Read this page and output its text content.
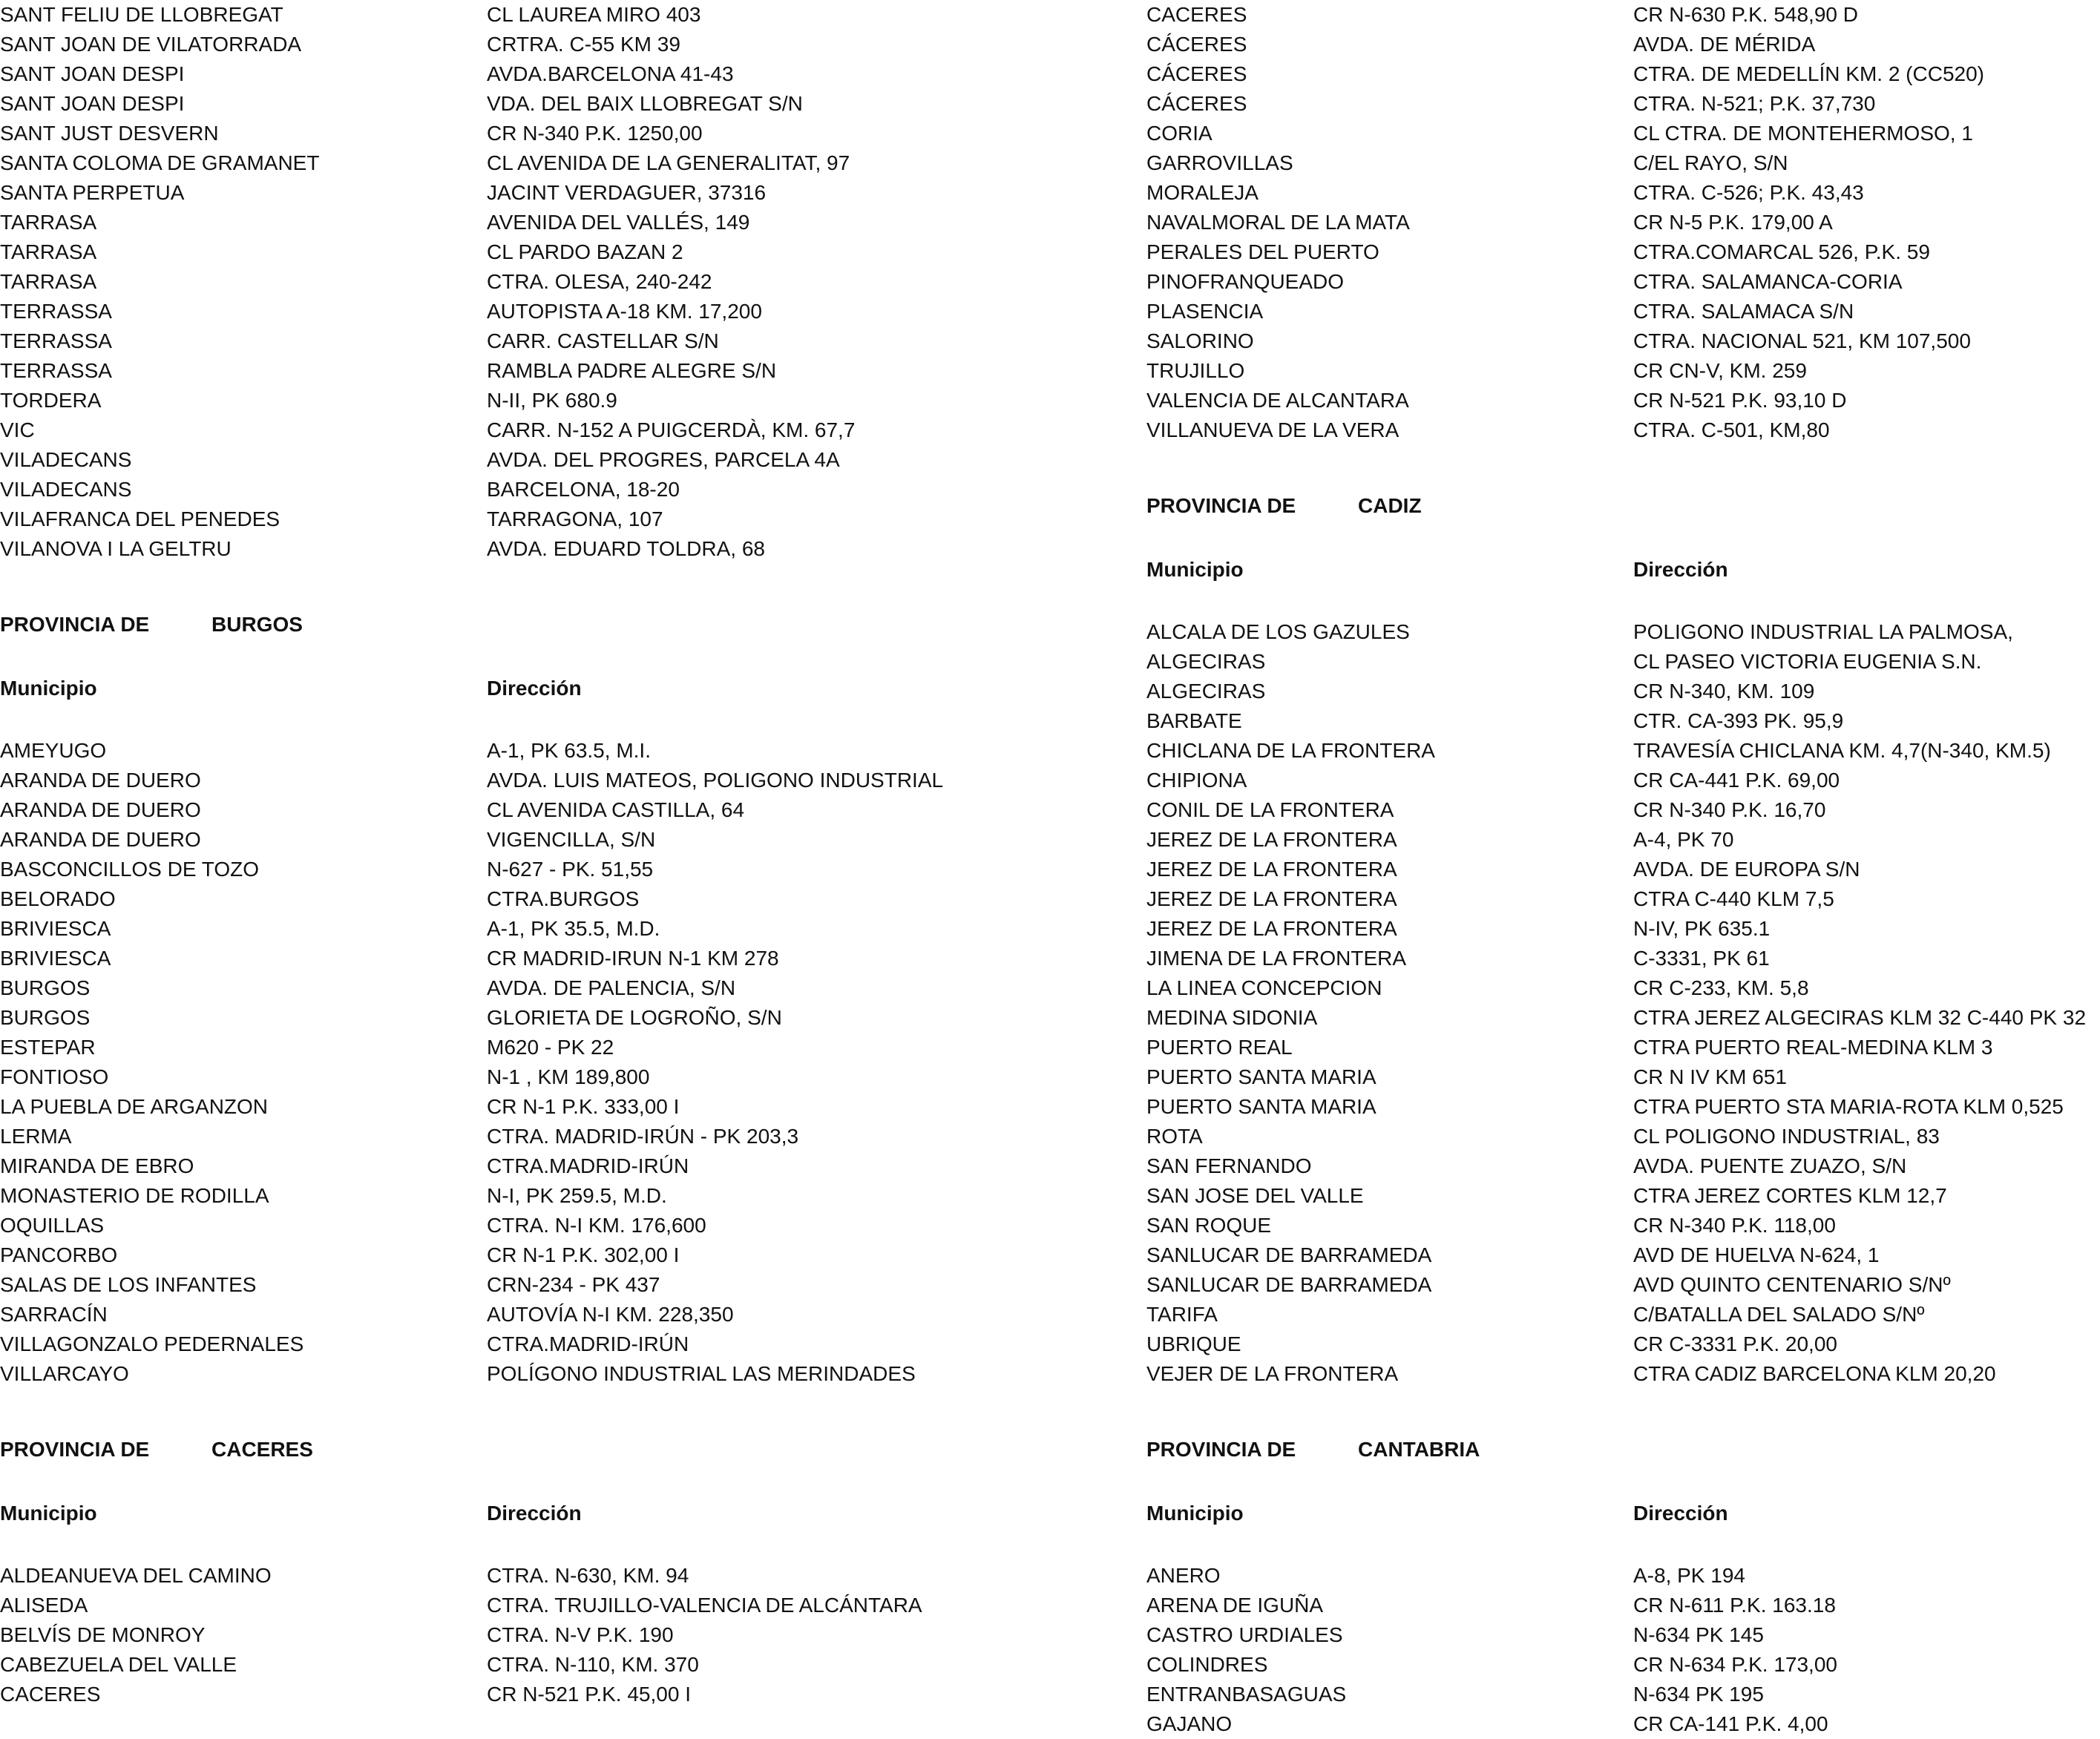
SANT FELIU DE LLOBREGAT	CL LAUREA MIRO 403
SANT JOAN DE VILATORRADA	CRTRA. C-55 KM 39
SANT JOAN DESPI	AVDA.BARCELONA 41-43
SANT JOAN DESPI	VDA. DEL BAIX LLOBREGAT S/N
SANT JUST DESVERN	CR N-340 P.K. 1250,00
SANTA COLOMA DE GRAMANET	CL AVENIDA DE LA GENERALITAT, 97
SANTA PERPETUA	JACINT VERDAGUER, 37316
TARRASA	AVENIDA DEL VALLÉS, 149
TARRASA	CL PARDO BAZAN 2
TARRASA	CTRA. OLESA, 240-242
TERRASSA	AUTOPISTA A-18 KM. 17,200
TERRASSA	CARR. CASTELLAR S/N
TERRASSA	RAMBLA PADRE ALEGRE S/N
TORDERA	N-II, PK 680.9
VIC	CARR. N-152 A PUIGCERDÀ, KM. 67,7
VILADECANS	AVDA. DEL PROGRES, PARCELA 4A
VILADECANS	BARCELONA, 18-20
VILAFRANCA DEL PENEDES	TARRAGONA, 107
VILANOVA I LA GELTRU	AVDA. EDUARD TOLDRA, 68
PROVINCIA DE	BURGOS
Municipio	Dirección
AMEYUGO	A-1, PK 63.5, M.I.
ARANDA DE DUERO	AVDA. LUIS MATEOS, POLIGONO INDUSTRIAL
ARANDA DE DUERO	CL AVENIDA CASTILLA, 64
ARANDA DE DUERO	VIGENCILLA, S/N
BASCONCILLOS DE TOZO	N-627 - PK. 51,55
BELORADO	CTRA.BURGOS
BRIVIESCA	A-1, PK 35.5, M.D.
BRIVIESCA	CR MADRID-IRUN N-1 KM 278
BURGOS	AVDA. DE PALENCIA, S/N
BURGOS	GLORIETA DE LOGROÑO, S/N
ESTEPAR	M620 - PK 22
FONTIOSO	N-1 , KM 189,800
LA PUEBLA DE ARGANZON	CR N-1 P.K. 333,00 I
LERMA	CTRA. MADRID-IRÚN - PK 203,3
MIRANDA DE EBRO	CTRA.MADRID-IRÚN
MONASTERIO DE RODILLA	N-I, PK 259.5, M.D.
OQUILLAS	CTRA. N-I KM. 176,600
PANCORBO	CR N-1 P.K. 302,00 I
SALAS DE LOS INFANTES	CRN-234 - PK 437
SARRACÍN	AUTOVÍA N-I KM. 228,350
VILLAGONZALO PEDERNALES	CTRA.MADRID-IRÚN
VILLARCAYO	POLÍGONO INDUSTRIAL LAS MERINDADES
PROVINCIA DE	CACERES
Municipio	Dirección
ALDEANUEVA DEL CAMINO	CTRA. N-630, KM. 94
ALISEDA	CTRA. TRUJILLO-VALENCIA DE ALCÁNTARA
BELVÍS DE MONROY	CTRA. N-V P.K. 190
CABEZUELA DEL VALLE	CTRA. N-110, KM. 370
CACERES	CR N-521 P.K. 45,00 I
CACERES	CR N-630 P.K. 548,90 D
CÁCERES	AVDA. DE MÉRIDA
CÁCERES	CTRA. DE MEDELLÍN KM. 2 (CC520)
CÁCERES	CTRA. N-521; P.K. 37,730
CORIA	CL CTRA. DE MONTEHERMOSO, 1
GARROVILLAS	C/EL RAYO, S/N
MORALEJA	CTRA. C-526; P.K. 43,43
NAVALMORAL DE LA MATA	CR N-5 P.K. 179,00 A
PERALES DEL PUERTO	CTRA.COMARCAL 526, P.K. 59
PINOFRANQUEADO	CTRA. SALAMANCA-CORIA
PLASENCIA	CTRA. SALAMACA S/N
SALORINO	CTRA. NACIONAL 521, KM 107,500
TRUJILLO	CR CN-V, KM. 259
VALENCIA DE ALCANTARA	CR N-521 P.K. 93,10 D
VILLANUEVA DE LA VERA	CTRA. C-501, KM,80
PROVINCIA DE	CADIZ
Municipio	Dirección
ALCALA DE LOS GAZULES	POLIGONO INDUSTRIAL LA PALMOSA,
ALGECIRAS	CL PASEO VICTORIA EUGENIA S.N.
ALGECIRAS	CR N-340, KM. 109
BARBATE	CTR. CA-393 PK. 95,9
CHICLANA DE LA FRONTERA	TRAVESÍA CHICLANA KM. 4,7(N-340, KM.5)
CHIPIONA	CR CA-441 P.K. 69,00
CONIL DE LA FRONTERA	CR N-340 P.K. 16,70
JEREZ DE LA FRONTERA	A-4, PK 70
JEREZ DE LA FRONTERA	AVDA. DE EUROPA S/N
JEREZ DE LA FRONTERA	CTRA C-440 KLM 7,5
JEREZ DE LA FRONTERA	N-IV, PK 635.1
JIMENA DE LA FRONTERA	C-3331, PK 61
LA LINEA CONCEPCION	CR C-233, KM. 5,8
MEDINA SIDONIA	CTRA JEREZ ALGECIRAS KLM 32 C-440 PK 32
PUERTO REAL	CTRA PUERTO REAL-MEDINA KLM 3
PUERTO SANTA MARIA	CR N IV KM 651
PUERTO SANTA MARIA	CTRA PUERTO STA MARIA-ROTA KLM 0,525
ROTA	CL POLIGONO INDUSTRIAL, 83
SAN FERNANDO	AVDA. PUENTE ZUAZO, S/N
SAN JOSE DEL VALLE	CTRA JEREZ CORTES KLM 12,7
SAN ROQUE	CR N-340 P.K. 118,00
SANLUCAR DE BARRAMEDA	AVD DE HUELVA N-624, 1
SANLUCAR DE BARRAMEDA	AVD QUINTO CENTENARIO S/Nº
TARIFA	C/BATALLA DEL SALADO S/Nº
UBRIQUE	CR C-3331 P.K. 20,00
VEJER DE LA FRONTERA	CTRA CADIZ BARCELONA KLM 20,20
PROVINCIA DE	CANTABRIA
Municipio	Dirección
ANERO	A-8, PK 194
ARENA DE IGUÑA	CR N-611 P.K. 163.18
CASTRO URDIALES	N-634 PK 145
COLINDRES	CR N-634 P.K. 173,00
ENTRANBASAGUAS	N-634 PK 195
GAJANO	CR CA-141 P.K. 4,00
